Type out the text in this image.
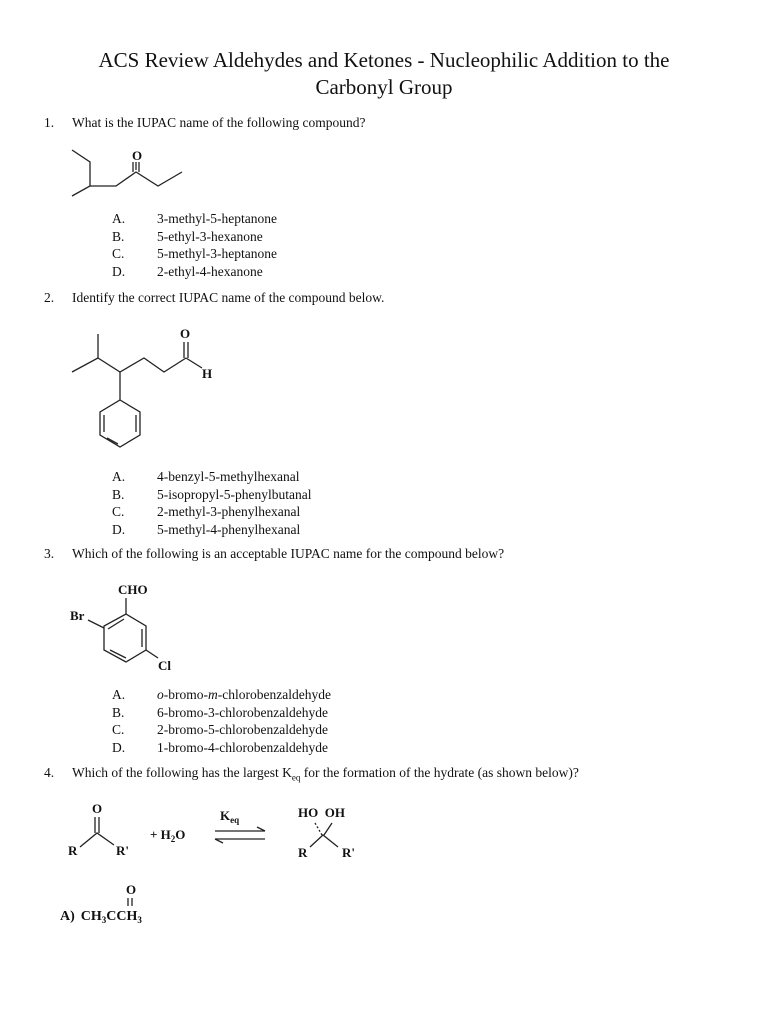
ACS Review Aldehydes and Ketones - Nucleophilic Addition to the
Carbonyl Group
1. What is the IUPAC name of the following compound?
O
A.	3-methyl-5-heptanone
B.	5-ethyl-3-hexanone
C.	5-methyl-3-heptanone
D.	2-ethyl-4-hexanone
2. Identify the correct IUPAC name of the compound below.
O
H
A.	4-benzyl-5-methylhexanal
B.	5-isopropyl-5-phenylbutanal
C.	2-methyl-3-phenylhexanal
D.	5-methyl-4-phenylhexanal
3. Which of the following is an acceptable IUPAC name for the compound below?
CHO
Br
Cl
A.	o-bromo-m-chlorobenzaldehyde
B.	6-bromo-3-chlorobenzaldehyde
C.	2-bromo-5-chlorobenzaldehyde
D.	1-bromo-4-chlorobenzaldehyde
4. Which of the following has the largest $K_{eq}$ for the formation of the hydrate (as shown below)?
O
R	R'
+ $H_2O$
$K_{eq}$	HO  OH
R	R'
O
A) $CH_3CCH_3$
